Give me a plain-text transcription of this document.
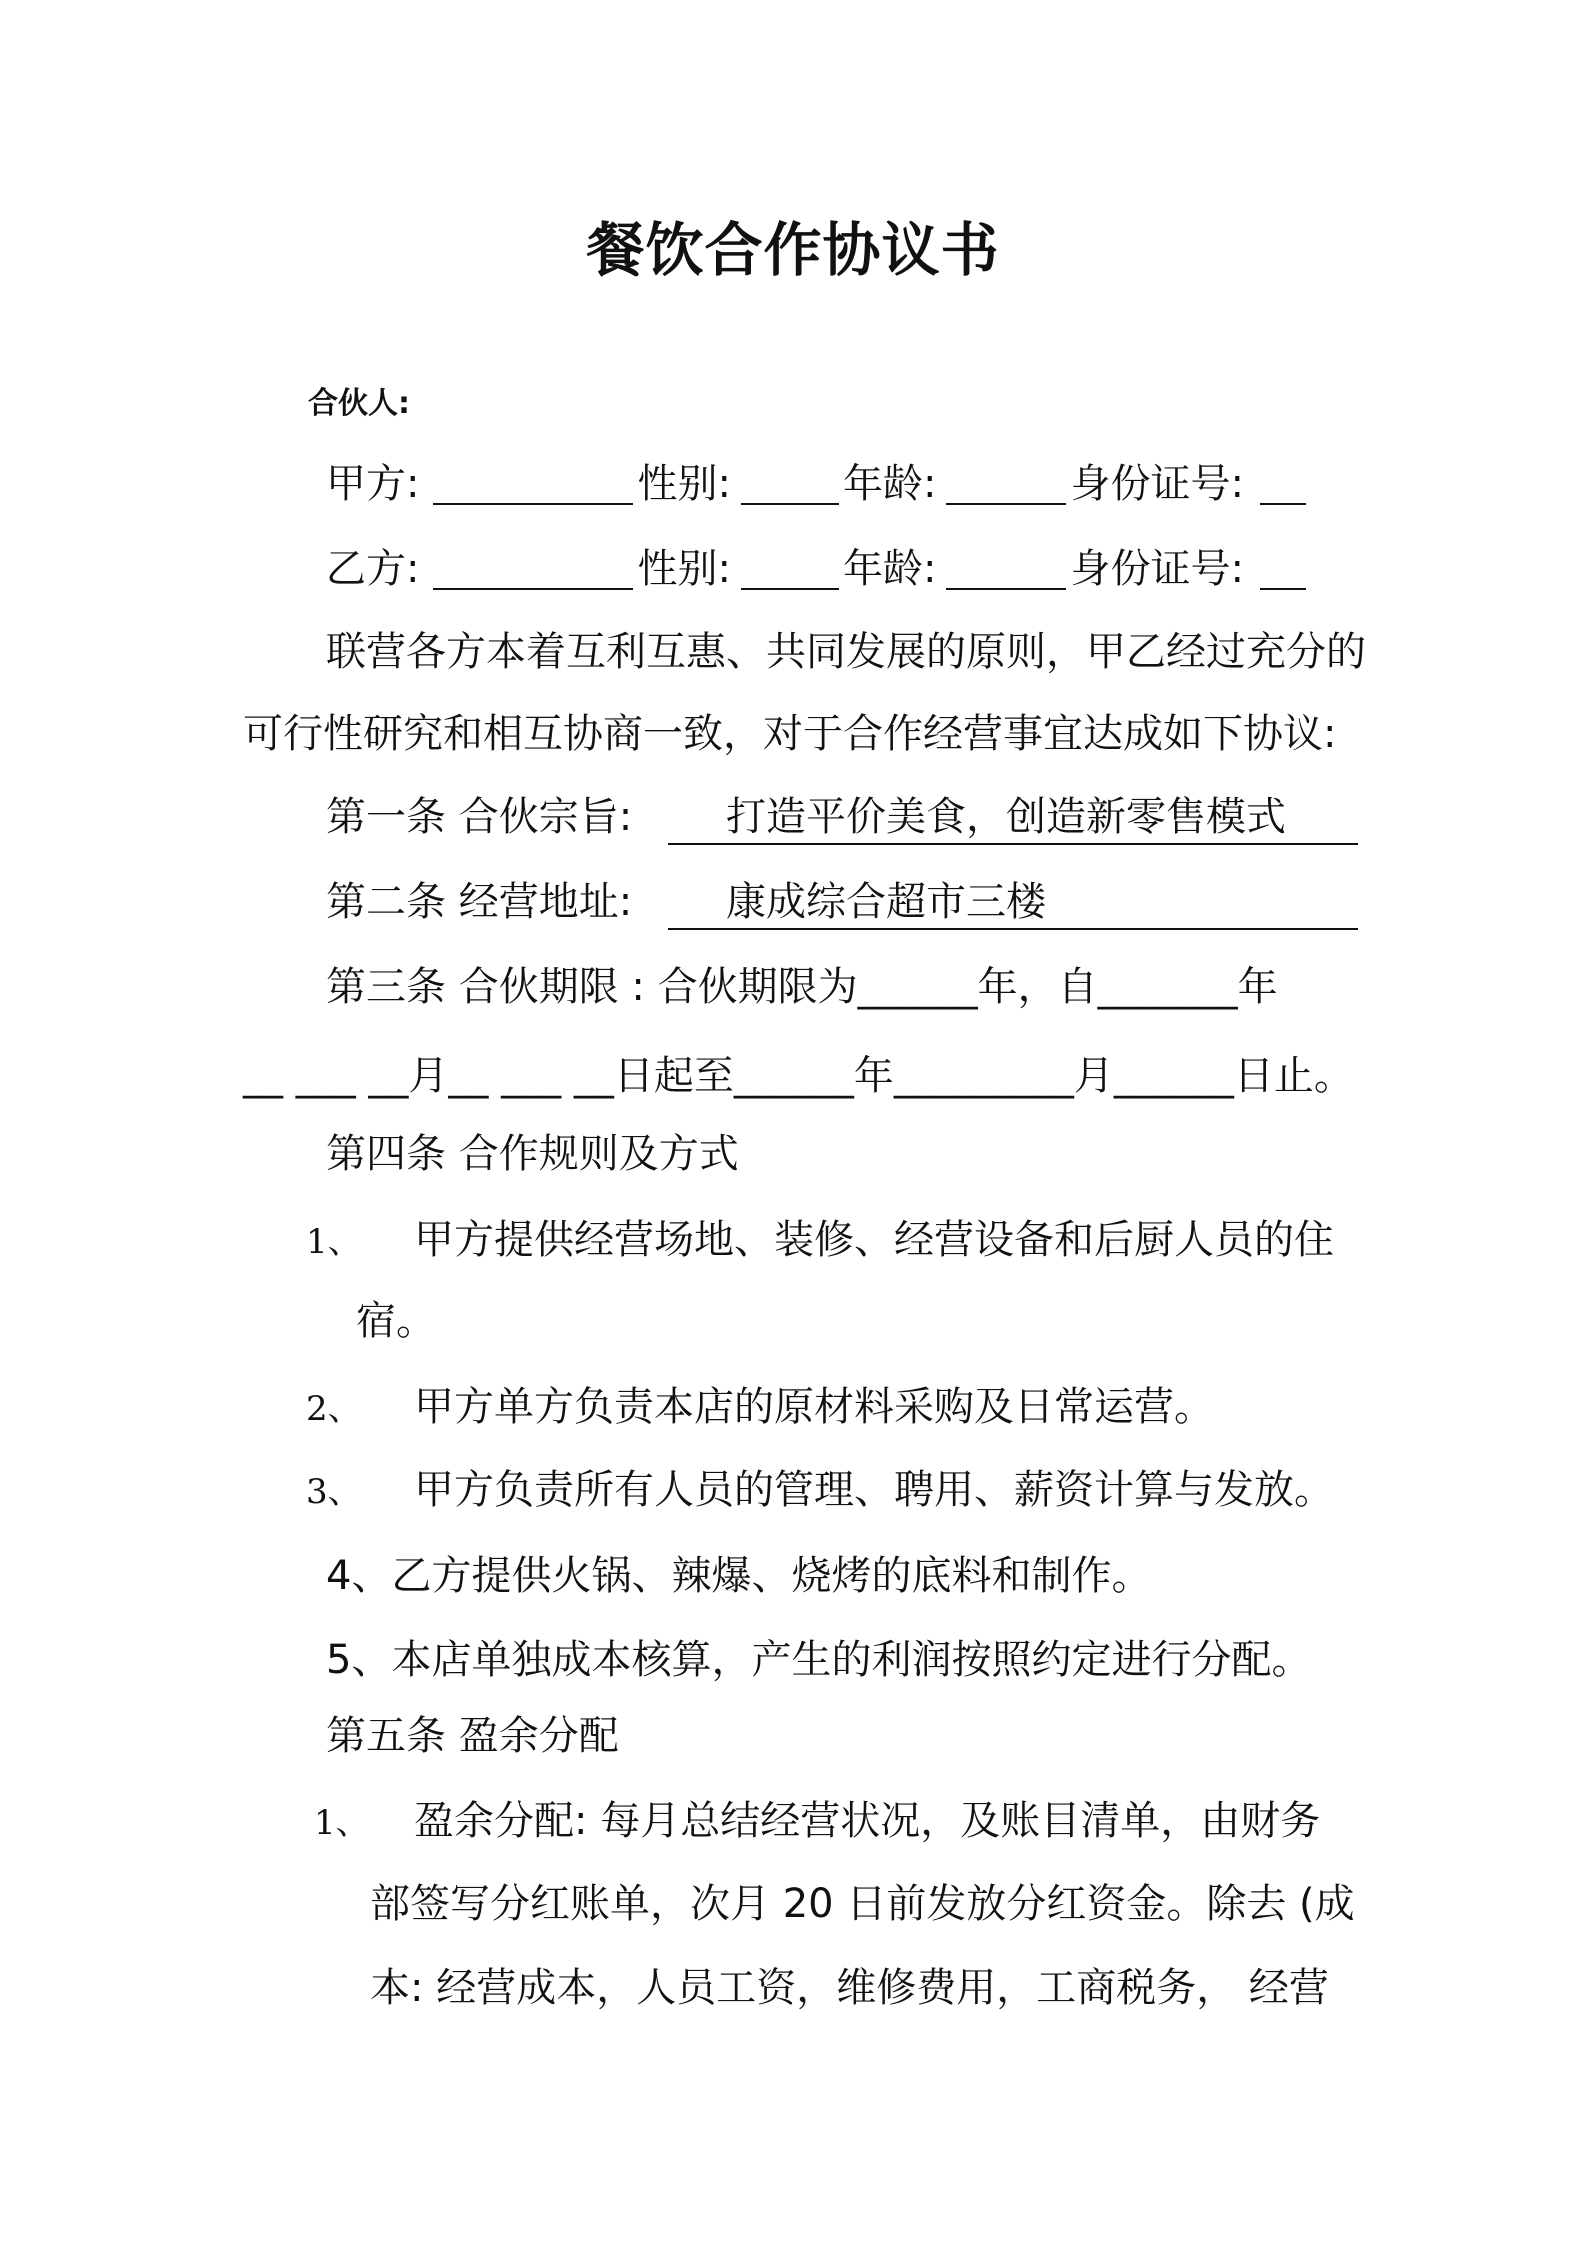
餐饮合作协议书
合伙人:
甲方:	性别:	年龄:	身份证号:
乙方:	性别:	年龄:	身份证号:
联营各方本着互利互惠、共同发展的原则，甲乙经过充分的
可行性研究和相互协商一致，对于合作经营事宜达成如下协议:
第一条 合伙宗旨:	打造平价美食，创造新零售模式
第二条 经营地址:	康成综合超市三楼
第三条 合伙期限 : 合伙期限为______年，自_______年
__ ___ __月__ ___ __日起至______年_________月______日止。
第四条 合作规则及方式
1、 甲方提供经营场地、装修、经营设备和后厨人员的住
宿。
2、 甲方单方负责本店的原材料采购及日常运营。
3、 甲方负责所有人员的管理、聘用、薪资计算与发放。
4、乙方提供火锅、辣爆、烧烤的底料和制作。
5、本店单独成本核算，产生的利润按照约定进行分配。
第五条 盈余分配
1、 盈余分配: 每月总结经营状况，及账目清单，由财务
部签写分红账单，次月 20 日前发放分红资金。除去 (成
本: 经营成本，人员工资，维修费用，工商税务， 经营
